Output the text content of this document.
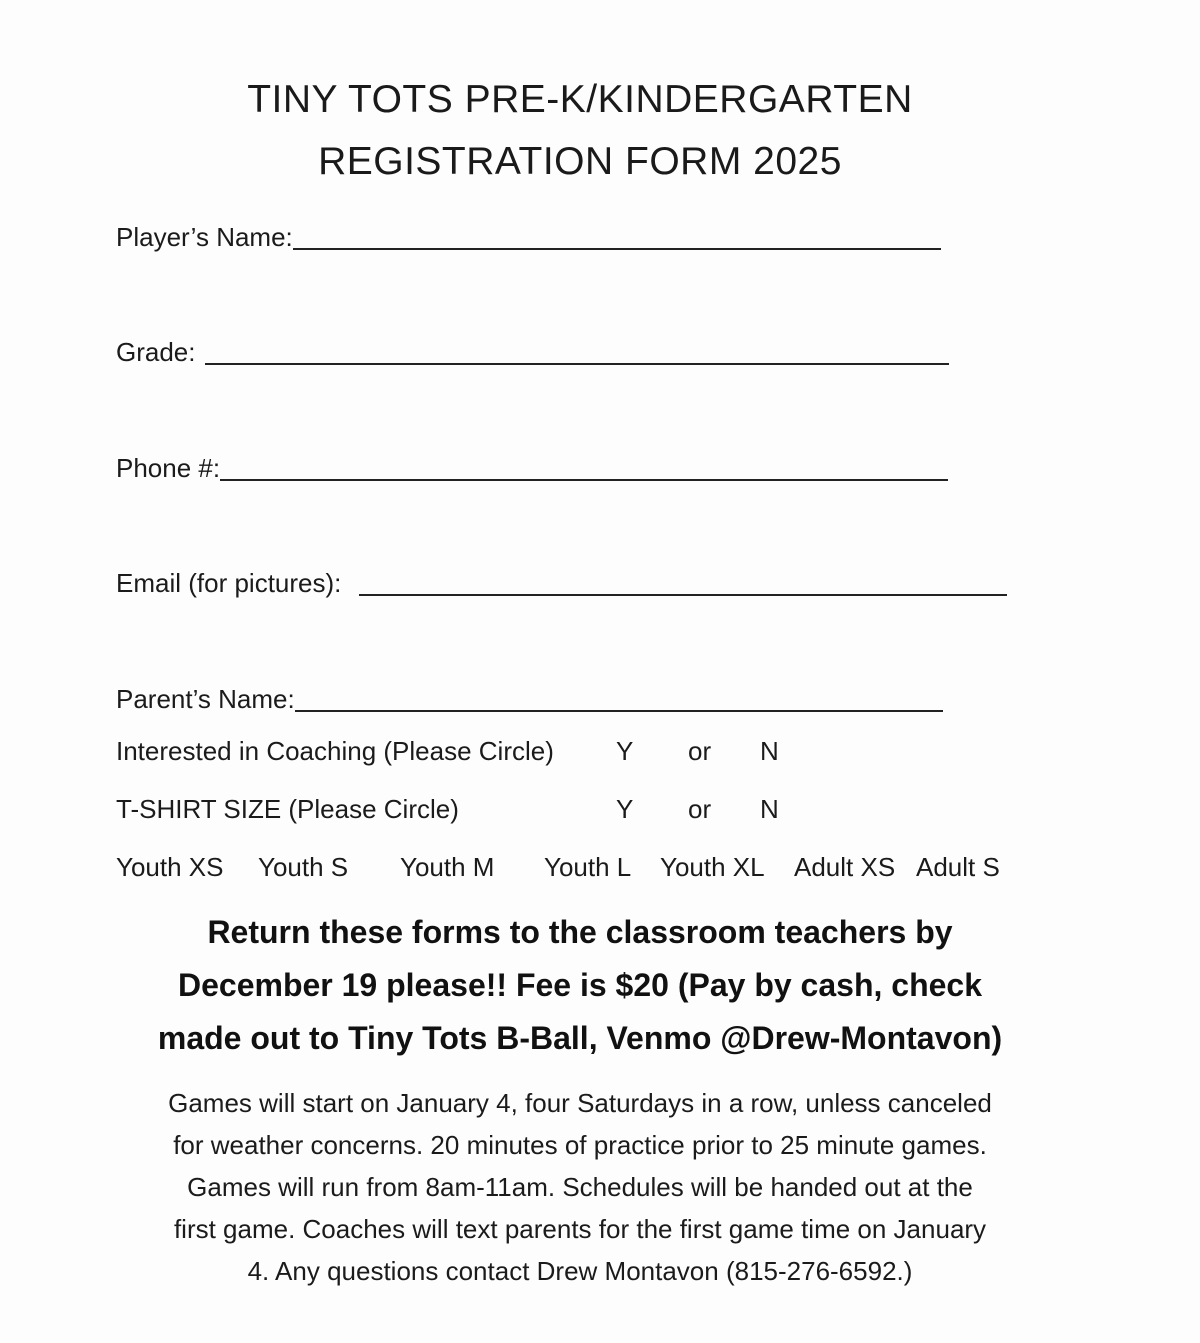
TINY TOTS PRE-K/KINDERGARTEN
REGISTRATION FORM 2025
Player’s Name:
Grade:
Phone #:
Email (for pictures):
Parent’s Name:
Interested in Coaching (Please Circle) Y or N
T-SHIRT SIZE (Please Circle)	Y or N
Youth XS Youth S Youth M Youth L Youth XL Adult XS Adult S
Return these forms to the classroom teachers by
December 19 please!! Fee is $20 (Pay by cash, check
made out to Tiny Tots B-Ball, Venmo @Drew-Montavon)
Games will start on January 4, four Saturdays in a row, unless canceled
for weather concerns. 20 minutes of practice prior to 25 minute games.
Games will run from 8am-11am. Schedules will be handed out at the
first game. Coaches will text parents for the first game time on January
4. Any questions contact Drew Montavon (815-276-6592.)
